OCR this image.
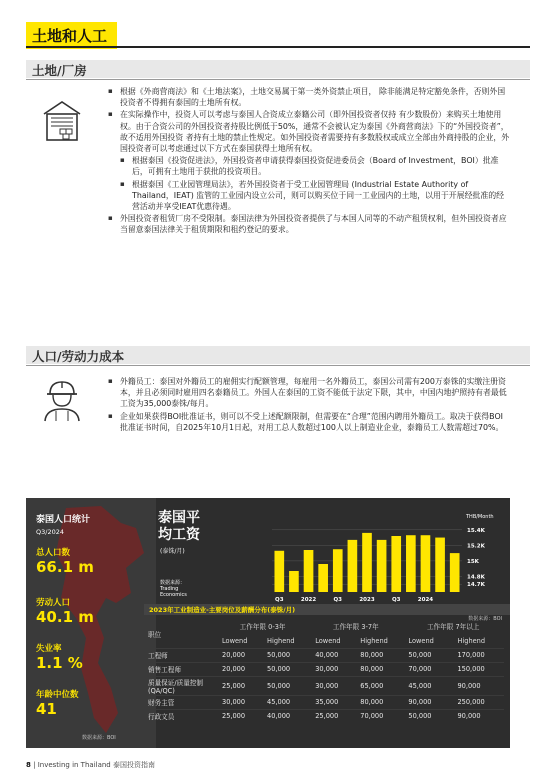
土地和人工
土地/厂房
▪ 根据《外商营商法》和《土地法案》，土地交易属于第一类外资禁止项目， 除非能满足特定豁免条件，否则外国投资者不得拥有泰国的土地所有权。
▪ 在实际操作中，投资人可以考虑与泰国人合资成立泰籍公司（即外国投资者仅持 有少数股份）来购买土地使用权。由于合资公司的外国投资者持股比例低于50%，通常不会被认定为泰国《外商营商法》下的“外国投资者”，故不适用外国投资 者持有土地的禁止性规定。如外国投资者需要持有多数股权或成立全部由外商持股的企业，外国投资者可以考虑通过以下方式在泰国获得土地所有权。
▪ 根据泰国《投资促进法》，外国投资者申请获得泰国投资促进委员会（Board of Investment，BOI）批准后，可拥有土地用于获批的投资项目。
▪ 根据泰国《工业园管理局法》，若外国投资者于受工业园管理局 (Industrial Estate Authority of Thailand，IEAT) 监管的工业园内设立公司，则可以购买位于同一工业园内的土地，以用于开展经批准的经营活动并享受IEAT优惠待遇。
▪ 外国投资者租赁厂房不受限制。泰国法律为外国投资者提供了与本国人同等的不动产租赁权利，但外国投资者应当留意泰国法律关于租赁期限和租约登记的要求。
人口/劳动力成本
▪ 外籍员工：泰国对外籍员工的雇佣实行配额管理，每雇用一名外籍员工，泰国公司需有200万泰铢的实缴注册资本，并且必须同时雇用四名泰籍员工。外国人在泰国的工资不能低于法定下限，其中，中国内地护照持有者最低工资为35,000泰铢/每月。
▪ 企业如果获得BOI批准证书，则可以不受上述配额限制，但需要在“合理”范围内聘用外籍员工。取决于获得BOI批准证书时间，自2025年10月1日起，对用工总人数超过100人以上制造业企业，泰籍员工人数需超过70%。
泰国人口统计
Q3/2024
总人口数
66.1 m
劳动人口
40.1 m
失业率
1.1 %
年龄中位数
41
数据来源：BOI
泰国平
均工资
(泰铢/月)
数据来源：
Trading
Economics
THB/Month
14.7K
14.8K
15K
15.2K
15.4K
Q3	2022	Q3	2023	Q3	2024
2023年工业制造业-主要岗位及薪酬分布(泰铢/月)
数据来源：BOI
职位	工作年限 0-3年		工作年限 3-7年		工作年限 7年以上	
	Lowend	Highend	Lowend	Highend	Lowend	Highend
工程师	20,000	50,000	40,000	80,000	50,000	170,000
销售工程师	20,000	50,000	30,000	80,000	70,000	150,000
质量保证/质量控制 (QA/QC)	25,000	50,000	30,000	65,000	45,000	90,000
财务主管	30,000	45,000	35,000	80,000	90,000	250,000
行政文员	25,000	40,000	25,000	70,000	50,000	90,000
8 | Investing in Thailand 泰国投资指南
